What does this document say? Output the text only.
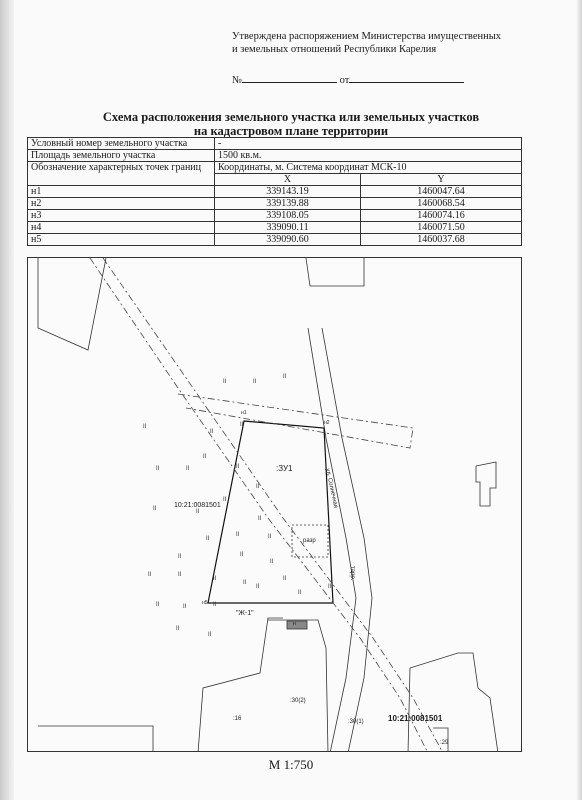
Утверждена распоряжением Министерства имущественных
и земельных отношений Республики Карелия
№	от
Схема расположения земельного участка или земельных участков
на кадастровом плане территории
Условный номер земельного участка	-	
Площадь земельного участка	1500 кв.м.	
Обозначение характерных точек границ	Координаты, м. Система координат МСК-10	
	X	Y
н1	339143.19	1460047.64
н2	339139.88	1460068.54
н3	339108.05	1460074.16
н4	339090.11	1460071.50
н5	339090.60	1460037.68
II	II
II
II
II
II
II
II
II	II
II
II
II	II
II
II
II	II
II	II
II	II
II
II
II
II
II	II	II
II
II
II
II
II
:ЗУ1
10:21:0081501
10:21:0081501
ул. Солнечная
"Ж-1"
разр
тарр.
н1
н5
н2
:16
:30(2)
:30(1)
:29
н
М 1:750
